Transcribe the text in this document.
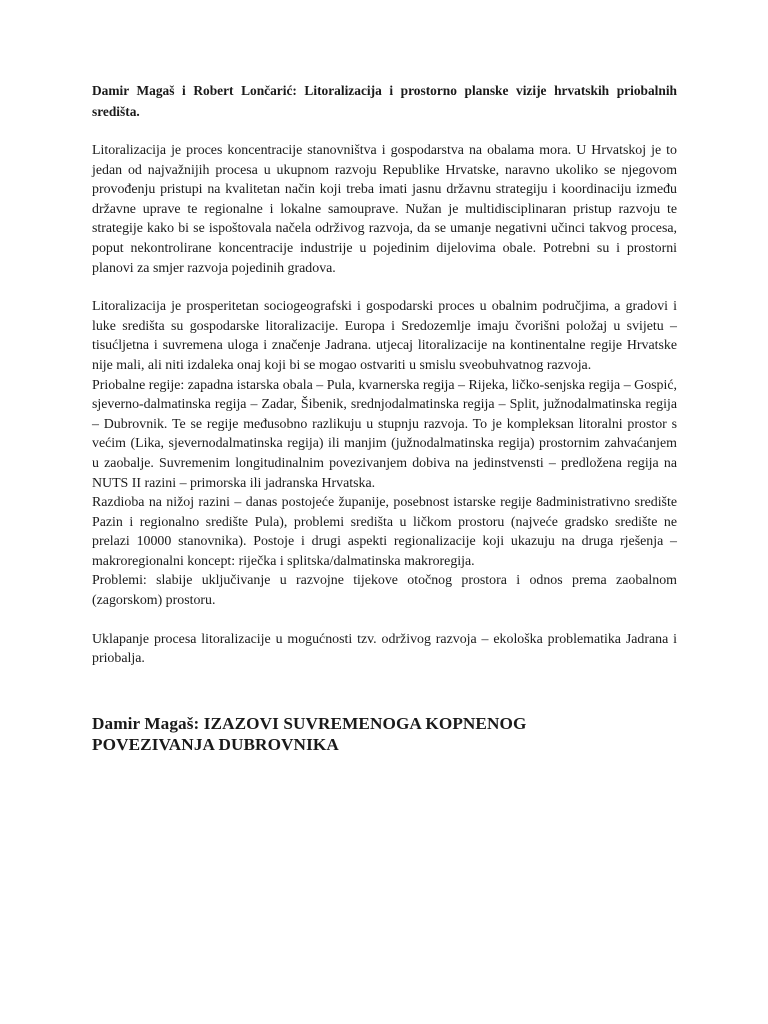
Damir Magaš i Robert Lončarić: Litoralizacija i prostorno planske vizije hrvatskih priobalnih središta.

Litoralizacija je proces koncentracije stanovništva i gospodarstva na obalama mora. U Hrvatskoj je to jedan od najvažnijih procesa u ukupnom razvoju Republike Hrvatske, naravno ukoliko se njegovom provođenju pristupi na kvalitetan način koji treba imati jasnu državnu strategiju i koordinaciju između državne uprave te regionalne i lokalne samouprave. Nužan je multidisciplinaran pristup razvoju te strategije kako bi se ispoštovala načela održivog razvoja, da se umanje negativni učinci takvog procesa, poput nekontrolirane koncentracije industrije u pojedinim dijelovima obale. Potrebni su i prostorni planovi za smjer razvoja pojedinih gradova.

Litoralizacija je prosperitetan sociogeografski i gospodarski proces u obalnim područjima, a gradovi i luke središta su gospodarske litoralizacije. Europa i Sredozemlje imaju čvorišni položaj u svijetu – tisućljetna i suvremena uloga i značenje Jadrana. utjecaj litoralizacije na kontinentalne regije Hrvatske nije mali, ali niti izdaleka onaj koji bi se mogao ostvariti u smislu sveobuhvatnog razvoja.

Priobalne regije: zapadna istarska obala – Pula, kvarnerska regija – Rijeka, ličko-senjska regija – Gospić, sjeverno-dalmatinska regija – Zadar, Šibenik, srednjodalmatinska regija – Split, južnodalmatinska regija – Dubrovnik. Te se regije međusobno razlikuju u stupnju razvoja. To je kompleksan litoralni prostor s većim (Lika, sjevernodalmatinska regija) ili manjim (južnodalmatinska regija) prostornim zahvaćanjem u zaobalje. Suvremenim longitudinalnim povezivanjem dobiva na jedinstvensti – predložena regija na NUTS II razini – primorska ili jadranska Hrvatska.

Razdioba na nižoj razini – danas postojeće županije, posebnost istarske regije 8administrativno središte Pazin i regionalno središte Pula), problemi središta u ličkom prostoru (najveće gradsko središte ne prelazi 10000 stanovnika). Postoje i drugi aspekti regionalizacije koji ukazuju na druga rješenja – makroregionalni koncept: riječka i splitska/dalmatinska makroregija.

Problemi: slabije uključivanje u razvojne tijekove otočnog prostora i odnos prema zaobalnom (zagorskom) prostoru.

Uklapanje procesa litoralizacije u mogućnosti tzv. održivog razvoja – ekološka problematika Jadrana i priobalja.

Damir Magaš: IZAZOVI SUVREMENOGA KOPNENOG
POVEZIVANJA DUBROVNIKA
